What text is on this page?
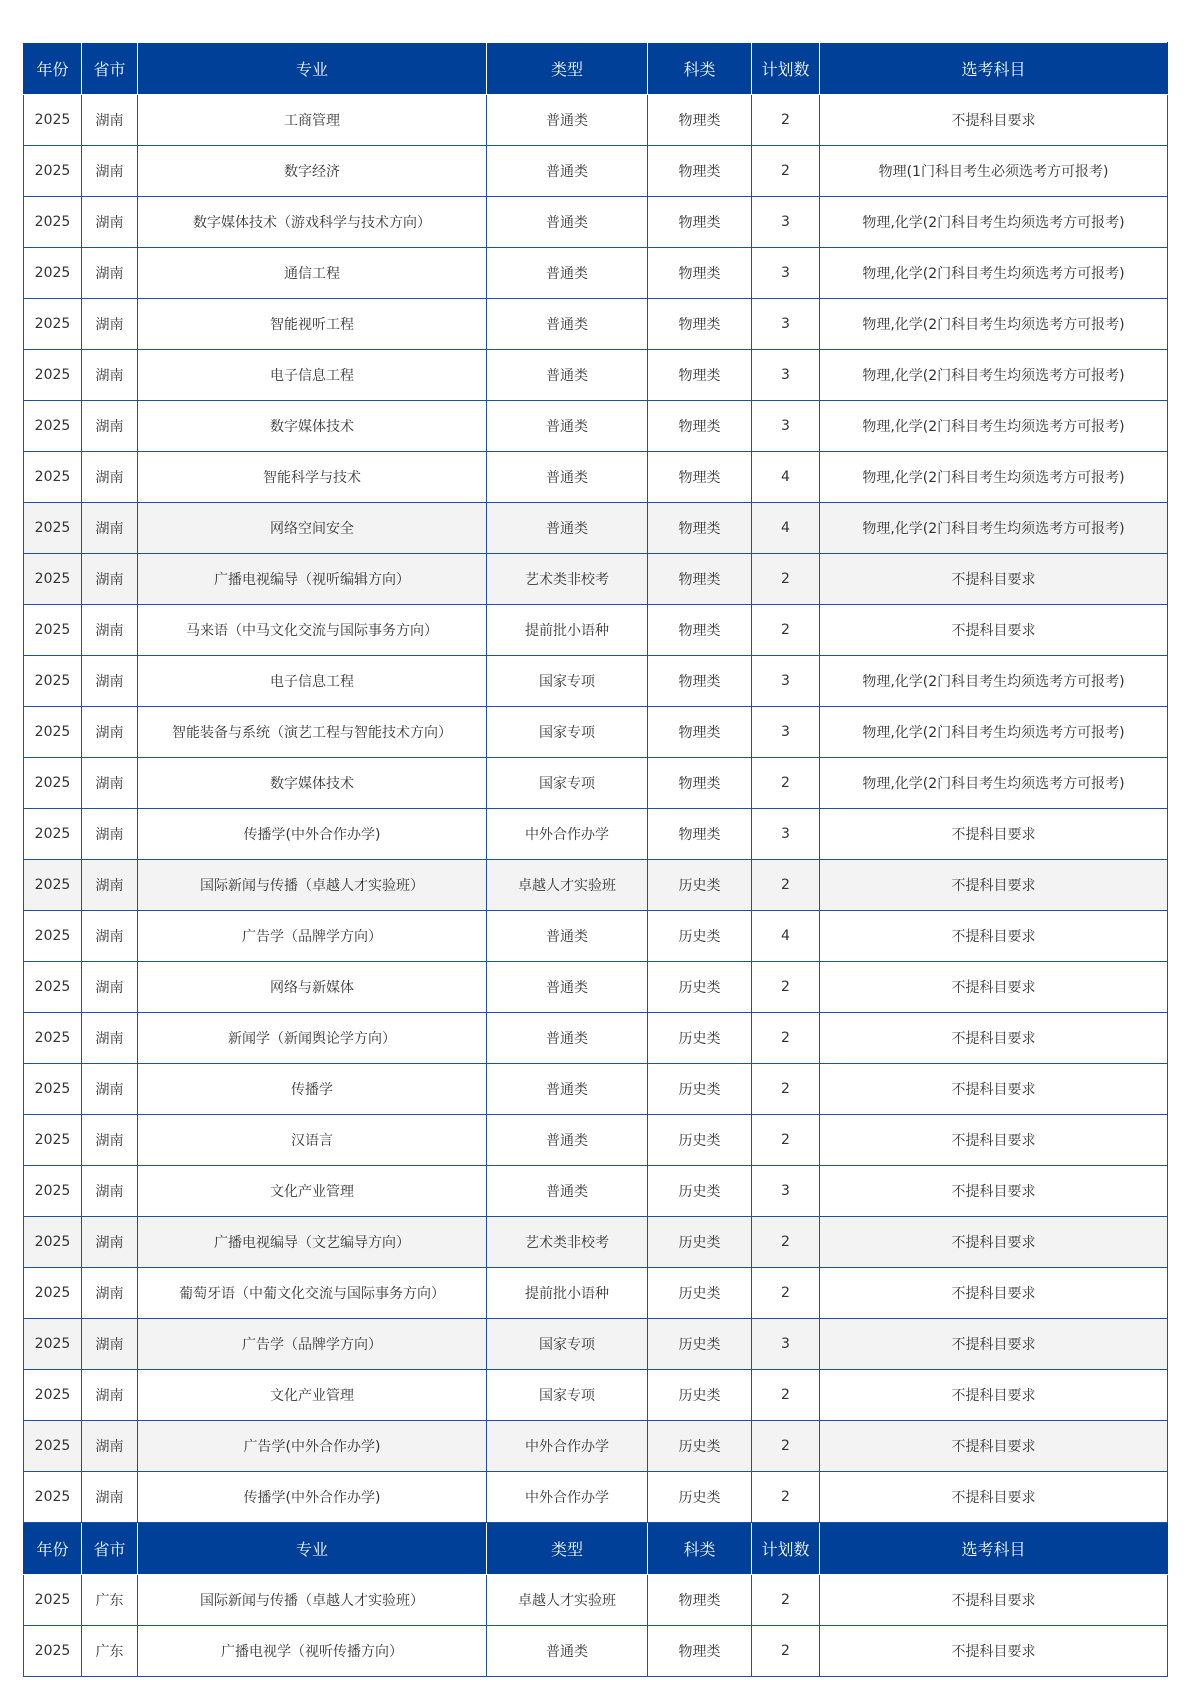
年份	省市	专业	类型	科类	计划数	选考科目
2025	湖南	工商管理	普通类	物理类	2	不提科目要求
2025	湖南	数字经济	普通类	物理类	2	物理(1门科目考生必须选考方可报考)
2025	湖南	数字媒体技术（游戏科学与技术方向）	普通类	物理类	3	物理,化学(2门科目考生均须选考方可报考)
2025	湖南	通信工程	普通类	物理类	3	物理,化学(2门科目考生均须选考方可报考)
2025	湖南	智能视听工程	普通类	物理类	3	物理,化学(2门科目考生均须选考方可报考)
2025	湖南	电子信息工程	普通类	物理类	3	物理,化学(2门科目考生均须选考方可报考)
2025	湖南	数字媒体技术	普通类	物理类	3	物理,化学(2门科目考生均须选考方可报考)
2025	湖南	智能科学与技术	普通类	物理类	4	物理,化学(2门科目考生均须选考方可报考)
2025	湖南	网络空间安全	普通类	物理类	4	物理,化学(2门科目考生均须选考方可报考)
2025	湖南	广播电视编导（视听编辑方向）	艺术类非校考	物理类	2	不提科目要求
2025	湖南	马来语（中马文化交流与国际事务方向）	提前批小语种	物理类	2	不提科目要求
2025	湖南	电子信息工程	国家专项	物理类	3	物理,化学(2门科目考生均须选考方可报考)
2025	湖南	智能装备与系统（演艺工程与智能技术方向）	国家专项	物理类	3	物理,化学(2门科目考生均须选考方可报考)
2025	湖南	数字媒体技术	国家专项	物理类	2	物理,化学(2门科目考生均须选考方可报考)
2025	湖南	传播学(中外合作办学)	中外合作办学	物理类	3	不提科目要求
2025	湖南	国际新闻与传播（卓越人才实验班）	卓越人才实验班	历史类	2	不提科目要求
2025	湖南	广告学（品牌学方向）	普通类	历史类	4	不提科目要求
2025	湖南	网络与新媒体	普通类	历史类	2	不提科目要求
2025	湖南	新闻学（新闻舆论学方向）	普通类	历史类	2	不提科目要求
2025	湖南	传播学	普通类	历史类	2	不提科目要求
2025	湖南	汉语言	普通类	历史类	2	不提科目要求
2025	湖南	文化产业管理	普通类	历史类	3	不提科目要求
2025	湖南	广播电视编导（文艺编导方向）	艺术类非校考	历史类	2	不提科目要求
2025	湖南	葡萄牙语（中葡文化交流与国际事务方向）	提前批小语种	历史类	2	不提科目要求
2025	湖南	广告学（品牌学方向）	国家专项	历史类	3	不提科目要求
2025	湖南	文化产业管理	国家专项	历史类	2	不提科目要求
2025	湖南	广告学(中外合作办学)	中外合作办学	历史类	2	不提科目要求
2025	湖南	传播学(中外合作办学)	中外合作办学	历史类	2	不提科目要求
年份	省市	专业	类型	科类	计划数	选考科目
2025	广东	国际新闻与传播（卓越人才实验班）	卓越人才实验班	物理类	2	不提科目要求
2025	广东	广播电视学（视听传播方向）	普通类	物理类	2	不提科目要求
